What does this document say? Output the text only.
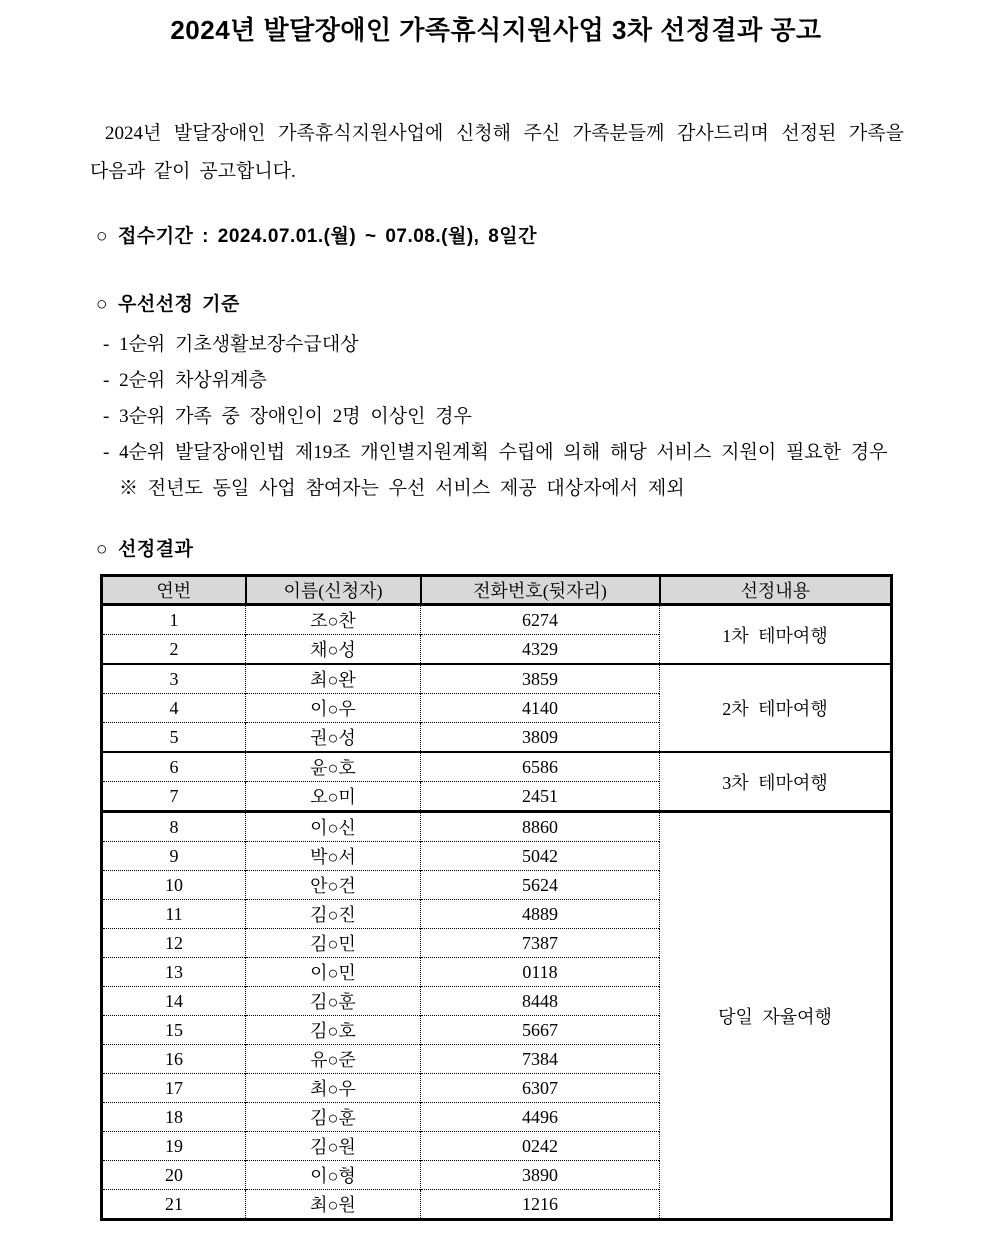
2024년 발달장애인 가족휴식지원사업 3차 선정결과 공고
2024년 발달장애인 가족휴식지원사업에 신청해 주신 가족분들께 감사드리며 선정된 가족을
다음과 같이 공고합니다.
○ 접수기간 : 2024.07.01.(월) ~ 07.08.(월), 8일간
○ 우선선정 기준
- 1순위 기초생활보장수급대상
- 2순위 차상위계층
- 3순위 가족 중 장애인이 2명 이상인 경우
- 4순위 발달장애인법 제19조 개인별지원계획 수립에 의해 해당 서비스 지원이 필요한 경우
※ 전년도 동일 사업 참여자는 우선 서비스 제공 대상자에서 제외
○ 선정결과
연번	이름(신청자)	전화번호(뒷자리)	선정내용
1	조○찬	6274	1차 테마여행
2	채○성	4329	
3	최○완	3859	2차 테마여행
4	이○우	4140	
5	권○성	3809	
6	윤○호	6586	3차 테마여행
7	오○미	2451	
8	이○신	8860	당일 자율여행
9	박○서	5042	
10	안○건	5624	
11	김○진	4889	
12	김○민	7387	
13	이○민	0118	
14	김○훈	8448	
15	김○호	5667	
16	유○준	7384	
17	최○우	6307	
18	김○훈	4496	
19	김○원	0242	
20	이○형	3890	
21	최○원	1216	
